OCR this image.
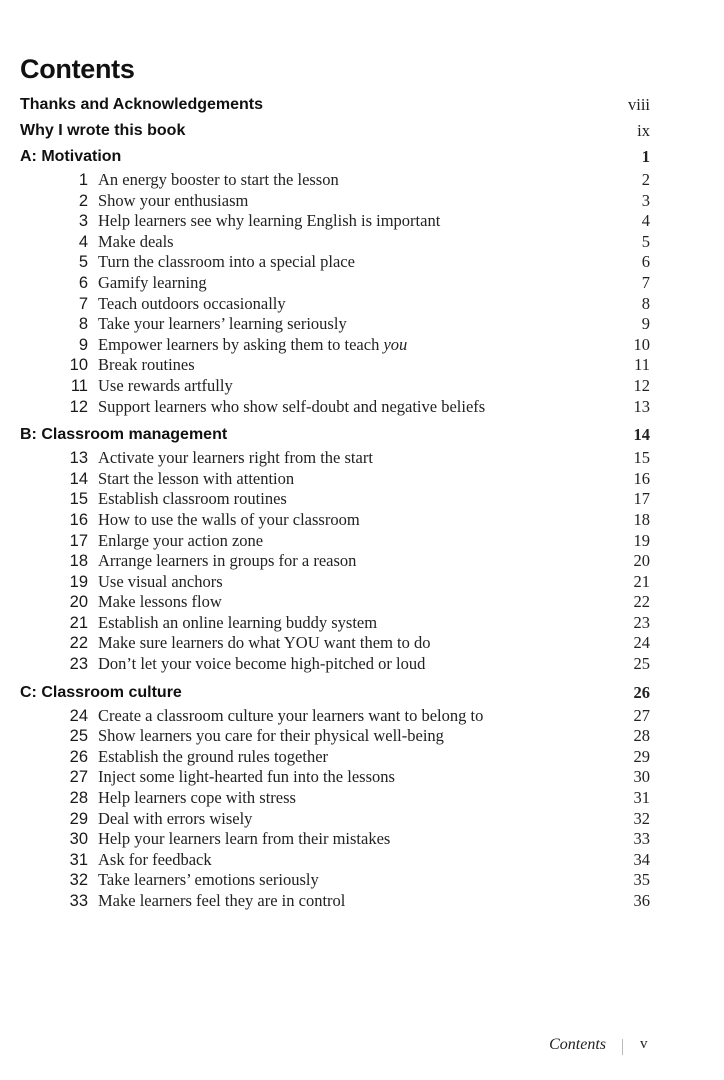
Contents
Thanks and Acknowledgements	viii
Why I wrote this book	ix
A: Motivation	1
1 An energy booster to start the lesson	2
2 Show your enthusiasm	3
3 Help learners see why learning English is important	4
4 Make deals	5
5 Turn the classroom into a special place	6
6 Gamify learning	7
7 Teach outdoors occasionally	8
8 Take your learners’ learning seriously	9
9 Empower learners by asking them to teach you	10
10 Break routines	11
11 Use rewards artfully	12
12 Support learners who show self-doubt and negative beliefs	13
B: Classroom management	14
13 Activate your learners right from the start	15
14 Start the lesson with attention	16
15 Establish classroom routines	17
16 How to use the walls of your classroom	18
17 Enlarge your action zone	19
18 Arrange learners in groups for a reason	20
19 Use visual anchors	21
20 Make lessons flow	22
21 Establish an online learning buddy system	23
22 Make sure learners do what YOU want them to do	24
23 Don’t let your voice become high-pitched or loud	25
C: Classroom culture	26
24 Create a classroom culture your learners want to belong to	27
25 Show learners you care for their physical well-being	28
26 Establish the ground rules together	29
27 Inject some light-hearted fun into the lessons	30
28 Help learners cope with stress	31
29 Deal with errors wisely	32
30 Help your learners learn from their mistakes	33
31 Ask for feedback	34
32 Take learners’ emotions seriously	35
33 Make learners feel they are in control	36
Contents v
